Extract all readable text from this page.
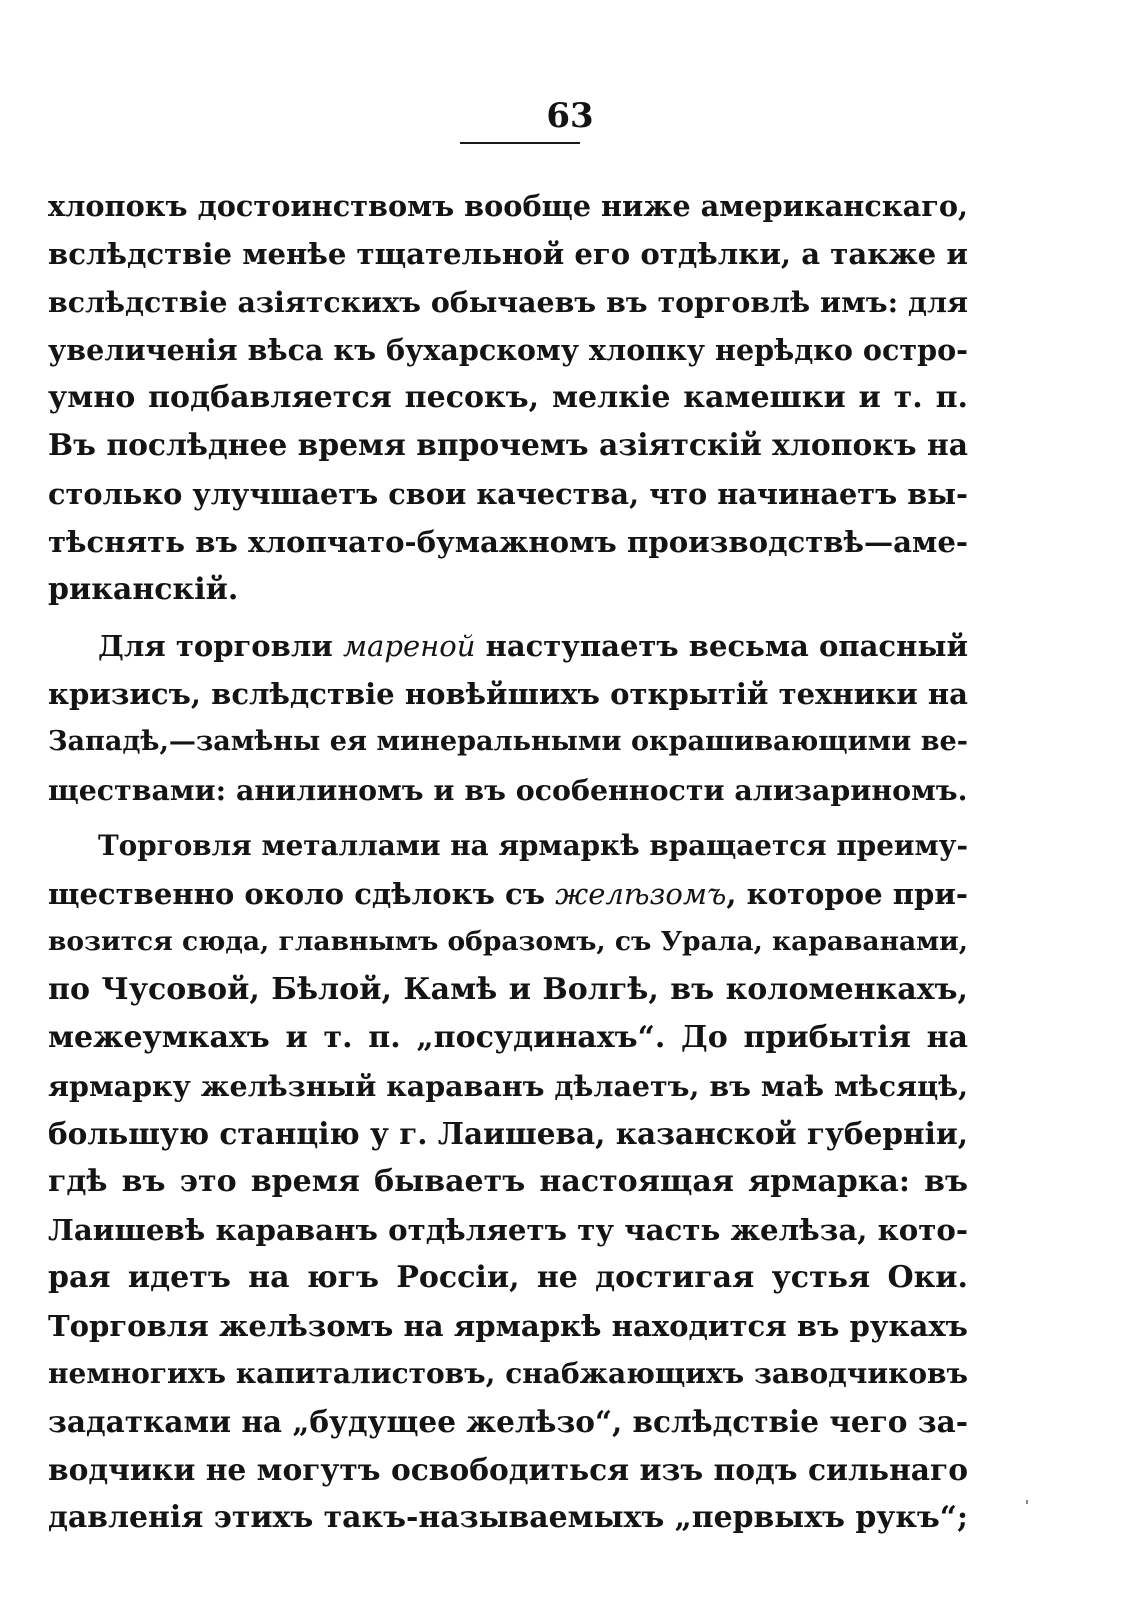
63
хлопокъ достоинствомъ вообще ниже американскаго,
вслѣдствіе менѣе тщательной его отдѣлки, а также и
вслѣдствіе азіятскихъ обычаевъ въ торговлѣ имъ: для
увеличенія вѣса къ бухарскому хлопку нерѣдко остро-
умно подбавляется песокъ, мелкіе камешки и т. п.
Въ послѣднее время впрочемъ азіятскій хлопокъ на
столько улучшаетъ свои качества, что начинаетъ вы-
тѣснять въ хлопчато-бумажномъ производствѣ—аме-
риканскій.
Для торговли мареной наступаетъ весьма опасный
кризисъ, вслѣдствіе новѣйшихъ открытій техники на
Западѣ,—замѣны ея минеральными окрашивающими ве-
ществами: анилиномъ и въ особенности ализариномъ.
Торговля металлами на ярмаркѣ вращается преиму-
щественно около сдѣлокъ съ желѣзомъ, которое при-
возится сюда, главнымъ образомъ, съ Урала, караванами,
по Чусовой, Бѣлой, Камѣ и Волгѣ, въ коломенкахъ,
межеумкахъ и т. п. „посудинахъ“. До прибытія на
ярмарку желѣзный караванъ дѣлаетъ, въ маѣ мѣсяцѣ,
большую станцію у г. Лаишева, казанской губерніи,
гдѣ въ это время бываетъ настоящая ярмарка: въ
Лаишевѣ караванъ отдѣляетъ ту часть желѣза, кото-
рая идетъ на югъ Россіи, не достигая устья Оки.
Торговля желѣзомъ на ярмаркѣ находится въ рукахъ
немногихъ капиталистовъ, снабжающихъ заводчиковъ
задатками на „будущее желѣзо“, вслѣдствіе чего за-
водчики не могутъ освободиться изъ подъ сильнаго
давленія этихъ такъ-называемыхъ „первыхъ рукъ“;
